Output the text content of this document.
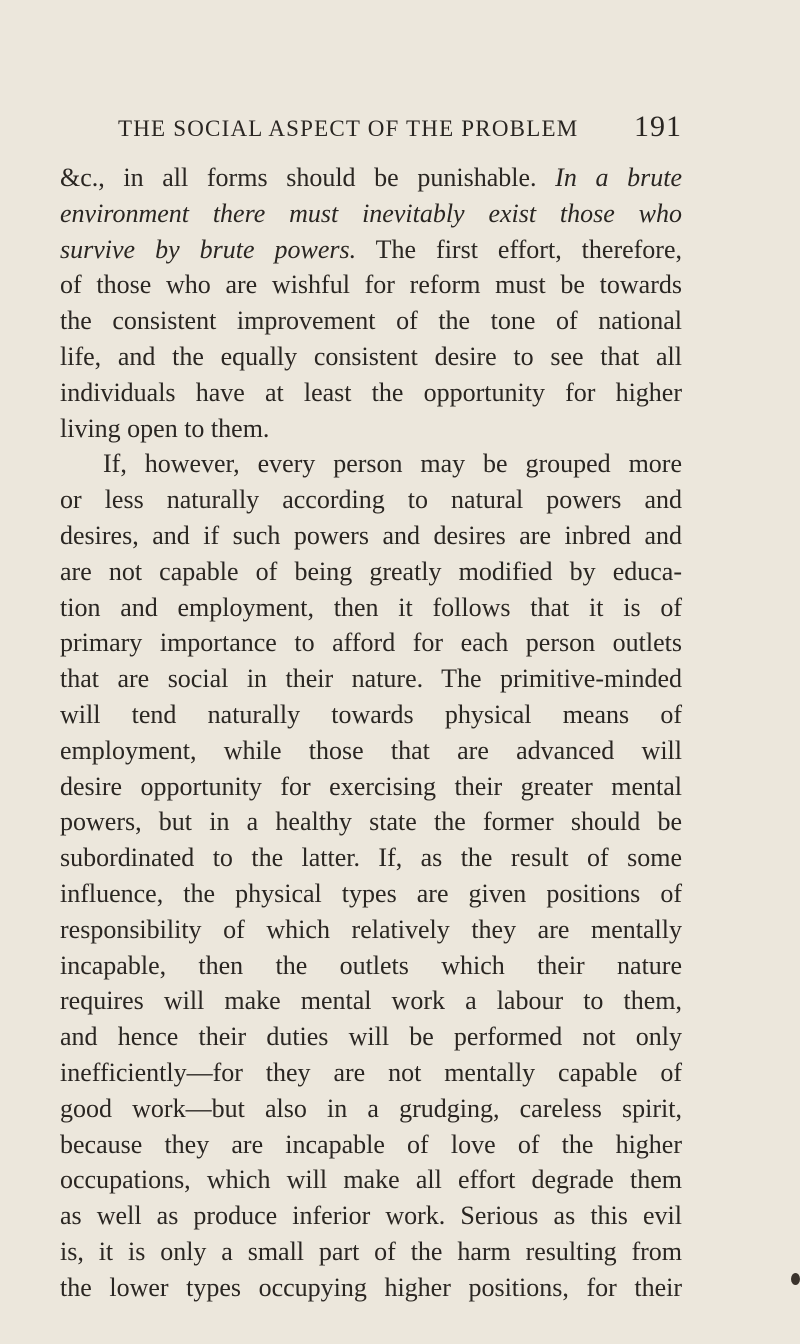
THE SOCIAL ASPECT OF THE PROBLEM 191
&c., in all forms should be punishable. In a brute
environment there must inevitably exist those who
survive by brute powers. The first effort, therefore,
of those who are wishful for reform must be towards
the consistent improvement of the tone of national
life, and the equally consistent desire to see that all
individuals have at least the opportunity for higher
living open to them.
If, however, every person may be grouped more
or less naturally according to natural powers and
desires, and if such powers and desires are inbred and
are not capable of being greatly modified by educa-
tion and employment, then it follows that it is of
primary importance to afford for each person outlets
that are social in their nature. The primitive-minded
will tend naturally towards physical means of
employment, while those that are advanced will
desire opportunity for exercising their greater mental
powers, but in a healthy state the former should be
subordinated to the latter. If, as the result of some
influence, the physical types are given positions of
responsibility of which relatively they are mentally
incapable, then the outlets which their nature
requires will make mental work a labour to them,
and hence their duties will be performed not only
inefficiently—for they are not mentally capable of
good work—but also in a grudging, careless spirit,
because they are incapable of love of the higher
occupations, which will make all effort degrade them
as well as produce inferior work. Serious as this evil
is, it is only a small part of the harm resulting from
the lower types occupying higher positions, for their
